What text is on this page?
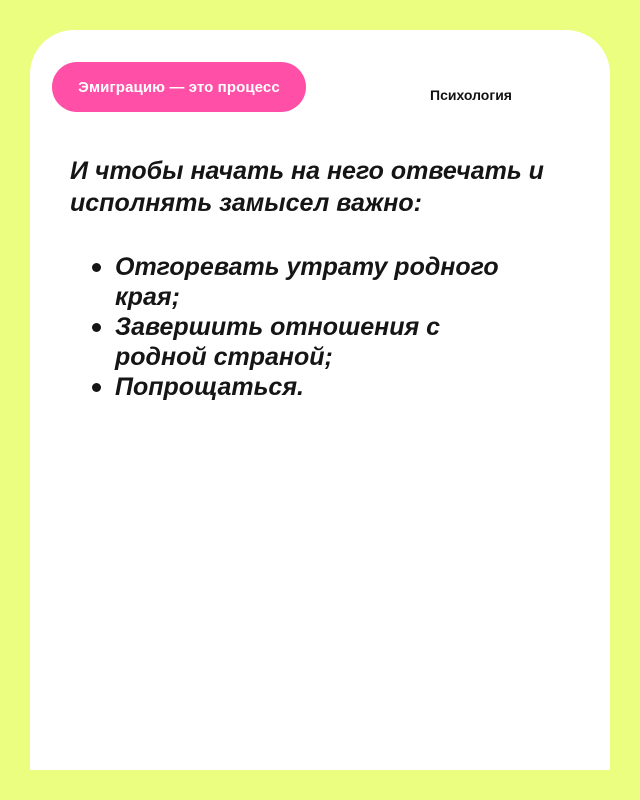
Эмиграцию — это процесс	Психология

И чтобы начать на него отвечать и исполнять замысел важно:

Отгоревать утрату родного края;
Завершить отношения с родной страной;
Попрощаться.
